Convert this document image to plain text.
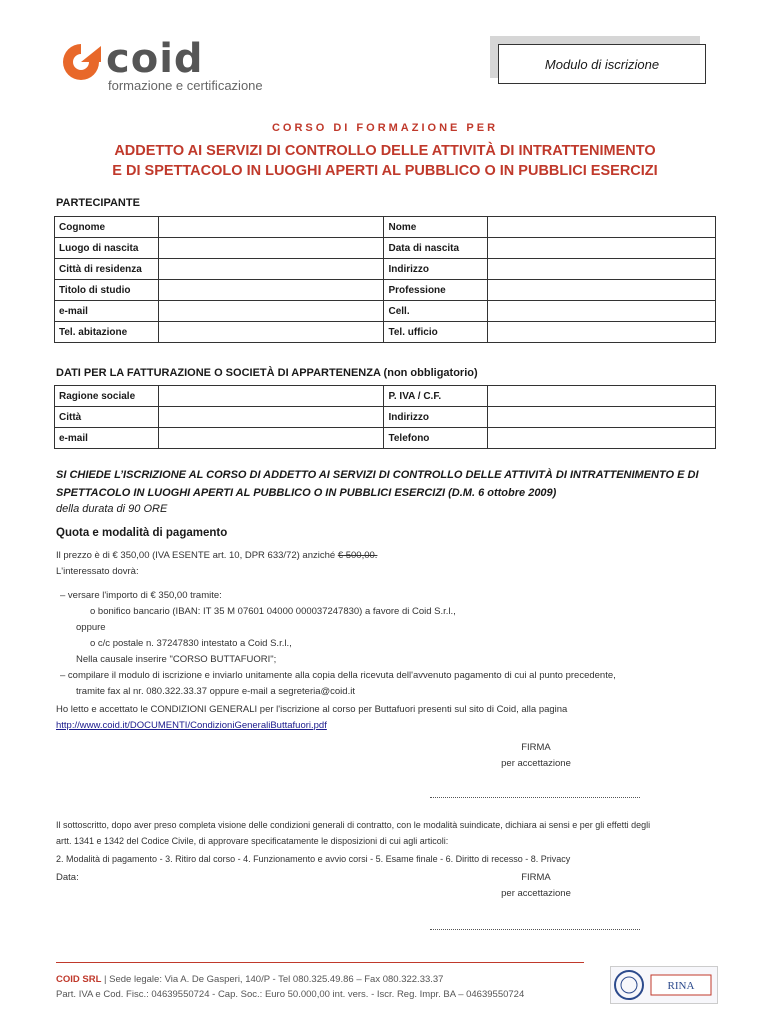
coid
formazione e certificazione
Modulo di iscrizione
CORSO DI FORMAZIONE PER
ADDETTO AI SERVIZI DI CONTROLLO DELLE ATTIVITÀ DI INTRATTENIMENTO
E DI SPETTACOLO IN LUOGHI APERTI AL PUBBLICO O IN PUBBLICI ESERCIZI
PARTECIPANTE
Cognome		Nome	
Luogo di nascita		Data di nascita	
Città di residenza		Indirizzo	
Titolo di studio		Professione	
e-mail		Cell.	
Tel. abitazione		Tel. ufficio	
DATI PER LA FATTURAZIONE O SOCIETÀ DI APPARTENENZA (non obbligatorio)
Ragione sociale		P. IVA / C.F.	
Città		Indirizzo	
e-mail		Telefono	
SI CHIEDE L’ISCRIZIONE AL CORSO DI ADDETTO AI SERVIZI DI CONTROLLO DELLE ATTIVITÀ DI INTRATTENIMENTO E DI SPETTACOLO IN LUOGHI APERTI AL PUBBLICO O IN PUBBLICI ESERCIZI (D.M. 6 ottobre 2009)
della durata di 90 ORE
Quota e modalità di pagamento
Il prezzo è di € 350,00 (IVA ESENTE art. 10, DPR 633/72) anziché € 500,00.
L'interessato dovrà:
– versare l'importo di € 350,00 tramite:
o bonifico bancario (IBAN: IT 35 M 07601 04000 000037247830) a favore di Coid S.r.l.,
oppure
o c/c postale n. 37247830 intestato a Coid S.r.l.,
Nella causale inserire "CORSO BUTTAFUORI";
– compilare il modulo di iscrizione e inviarlo unitamente alla copia della ricevuta dell'avvenuto pagamento di cui al punto precedente,
tramite fax al nr. 080.322.33.37 oppure e-mail a segreteria@coid.it
Ho letto e accettato le CONDIZIONI GENERALI per l'iscrizione al corso per Buttafuori presenti sul sito di Coid, alla pagina
http://www.coid.it/DOCUMENTI/CondizioniGeneraliButtafuori.pdf
FIRMA
per accettazione
Il sottoscritto, dopo aver preso completa visione delle condizioni generali di contratto, con le modalità suindicate, dichiara ai sensi e per gli effetti degli
artt. 1341 e 1342 del Codice Civile, di approvare specificatamente le disposizioni di cui agli articoli:
2. Modalità di pagamento - 3. Ritiro dal corso - 4. Funzionamento e avvio corsi - 5. Esame finale - 6. Diritto di recesso - 8. Privacy
Data:	FIRMA
per accettazione
COID SRL | Sede legale: Via A. De Gasperi, 140/P - Tel 080.325.49.86 – Fax 080.322.33.37
Part. IVA e Cod. Fisc.: 04639550724 - Cap. Soc.: Euro 50.000,00 int. vers. - Iscr. Reg. Impr. BA – 04639550724
RINA
